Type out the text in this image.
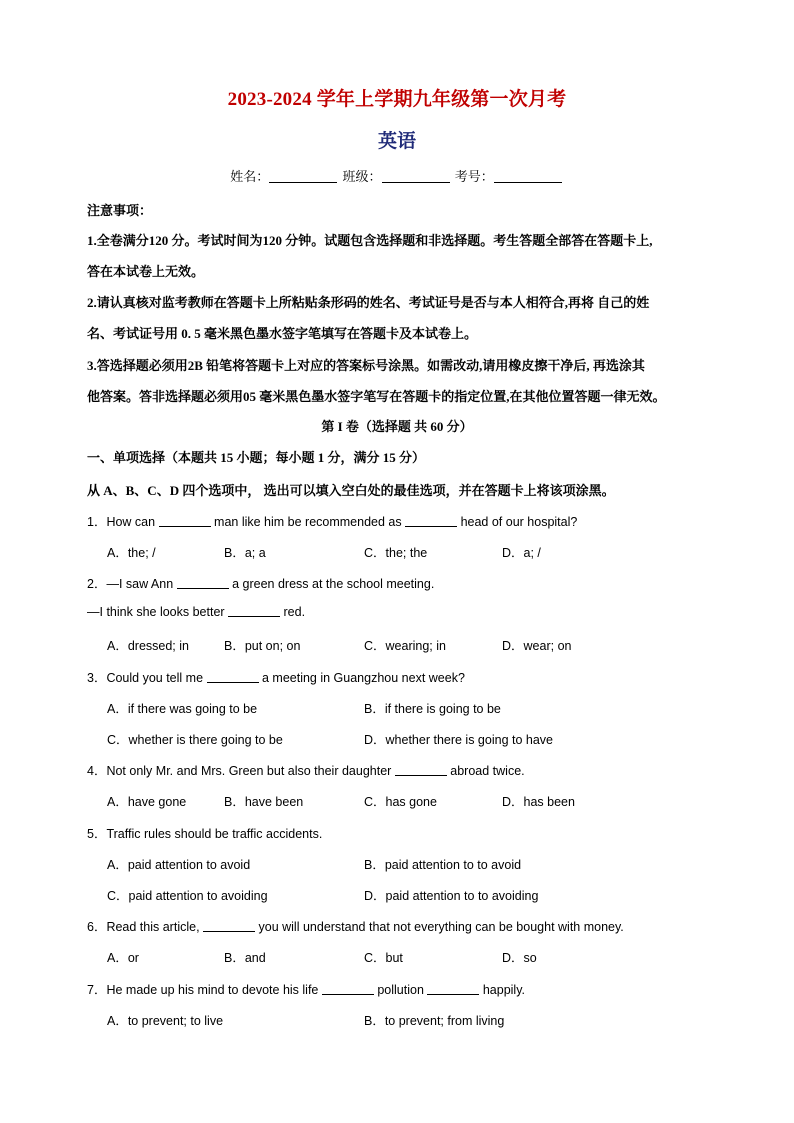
2023-2024 学年上学期九年级第一次月考
英语
姓名：	班级：	考号：
注意事项：
1.全卷满分120 分。考试时间为120 分钟。试题包含选择题和非选择题。考生答题全部答在答题卡上,
答在本试卷上无效。
2.请认真核对监考教师在答题卡上所粘贴条形码的姓名、考试证号是否与本人相符合,再将 自己的姓
名、考试证号用 0. 5 毫米黑色墨水签字笔填写在答题卡及本试卷上。
3.答选择题必须用2B 铅笔将答题卡上对应的答案标号涂黑。如需改动,请用橡皮擦干净后, 再选涂其
他答案。答非选择题必须用05 毫米黑色墨水签字笔写在答题卡的指定位置,在其他位置答题一律无效。
第 I 卷（选择题 共 60 分）
一、单项选择（本题共 15 小题；每小题 1 分，满分 15 分）
从 A、B、C、D 四个选项中， 选出可以填入空白处的最佳选项，并在答题卡上将该项涂黑。
1．How can	man like him be recommended as	head of our hospital?
A．the; /	B．a; a	C．the; the	D．a; /
2．—I saw Ann	a green dress at the school meeting.
—I think she looks better	red.
A．dressed; in	B．put on; on	C．wearing; in	D．wear; on
3．Could you tell me	a meeting in Guangzhou next week?
A．if there was going to be	B．if there is going to be
C．whether is there going to be	D．whether there is going to have
4．Not only Mr. and Mrs. Green but also their daughter	abroad twice.
A．have gone	B．have been	C．has gone	D．has been
5．Traffic rules should be traffic accidents.
A．paid attention to avoid	B．paid attention to to avoid
C．paid attention to avoiding	D．paid attention to to avoiding
6．Read this article,	you will understand that not everything can be bought with money.
A．or	B．and	C．but	D．so
7．He made up his mind to devote his life	pollution	happily.
A．to prevent; to live	B．to prevent; from living
